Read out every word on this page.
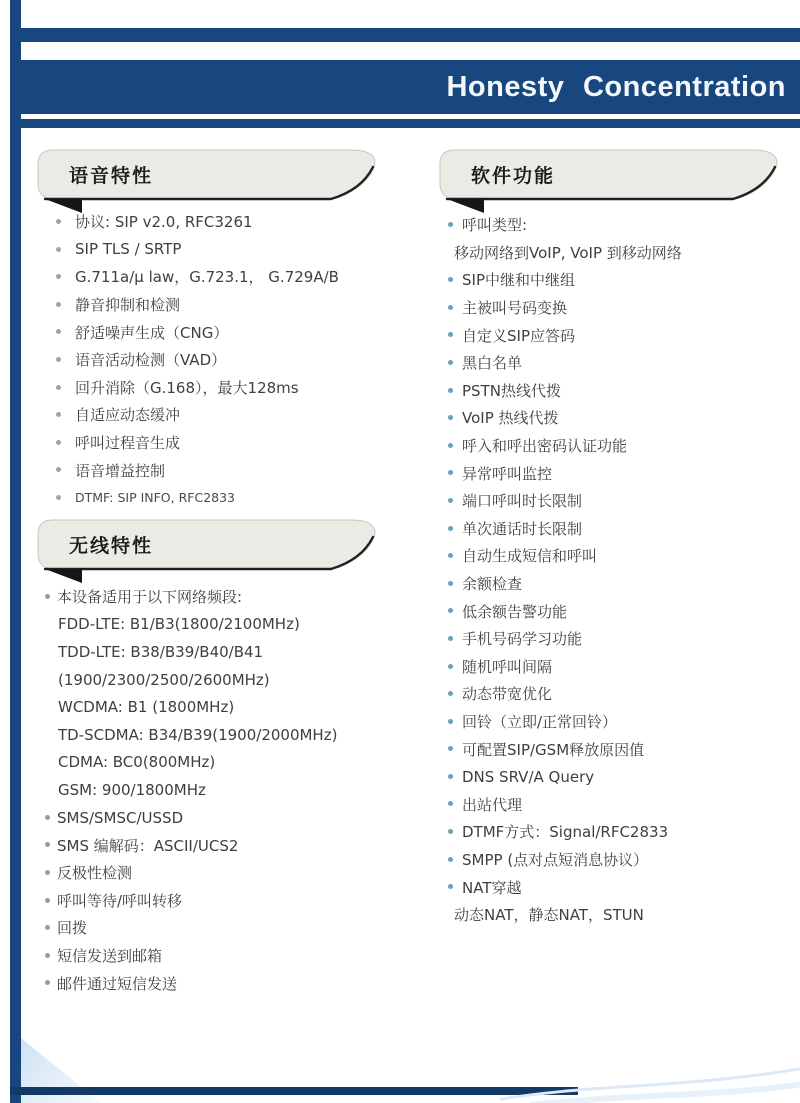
Honesty Concentration
语音特性
协议: SIP v2.0, RFC3261
SIP TLS / SRTP
G.711a/μ law，G.723.1， G.729A/B
静音抑制和检测
舒适噪声生成（CNG）
语音活动检测（VAD）
回升消除（G.168），最大128ms
自适应动态缓冲
呼叫过程音生成
语音增益控制
DTMF: SIP INFO, RFC2833
无线特性
本设备适用于以下网络频段:
FDD-LTE: B1/B3(1800/2100MHz)
TDD-LTE: B38/B39/B40/B41
(1900/2300/2500/2600MHz)
WCDMA: B1 (1800MHz)
TD-SCDMA: B34/B39(1900/2000MHz)
CDMA: BC0(800MHz)
GSM: 900/1800MHz
SMS/SMSC/USSD
SMS 编解码：ASCII/UCS2
反极性检测
呼叫等待/呼叫转移
回拨
短信发送到邮箱
邮件通过短信发送
软件功能
呼叫类型:
移动网络到VoIP, VoIP 到移动网络
SIP中继和中继组
主被叫号码变换
自定义SIP应答码
黑白名单
PSTN热线代拨
VoIP 热线代拨
呼入和呼出密码认证功能
异常呼叫监控
端口呼叫时长限制
单次通话时长限制
自动生成短信和呼叫
余额检查
低余额告警功能
手机号码学习功能
随机呼叫间隔
动态带宽优化
回铃（立即/正常回铃）
可配置SIP/GSM释放原因值
DNS SRV/A Query
出站代理
DTMF方式：Signal/RFC2833
SMPP (点对点短消息协议）
NAT穿越
动态NAT，静态NAT，STUN
